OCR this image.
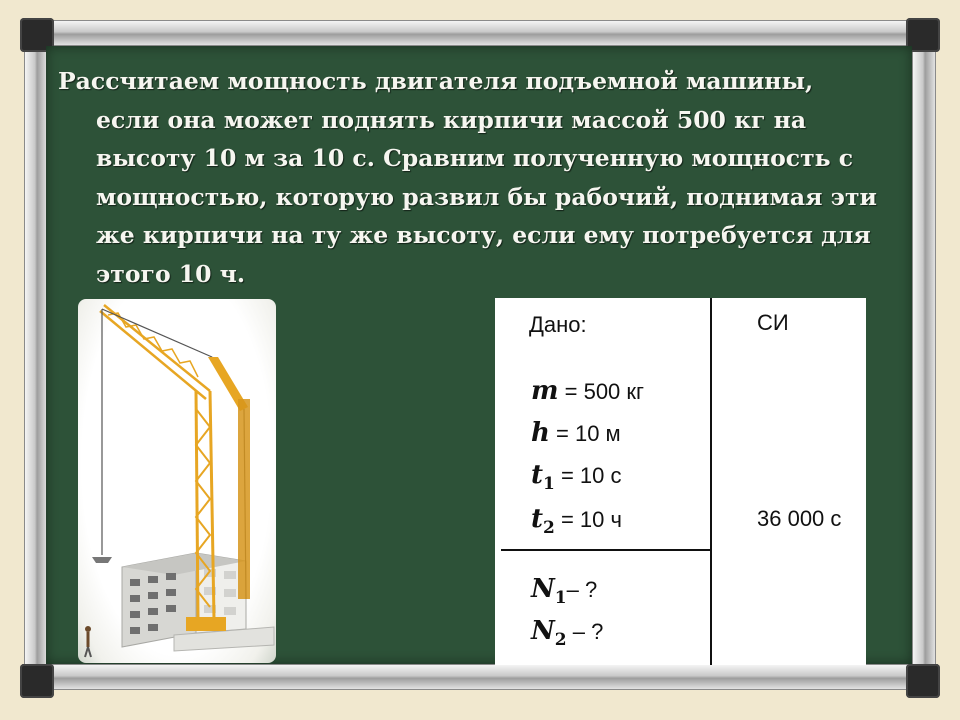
Рассчитаем мощность двигателя подъемной машины,
если она может поднять кирпичи массой 500 кг на
высоту 10 м за 10 с. Сравним полученную мощность с
мощностью, которую развил бы рабочий, поднимая эти
же кирпичи на ту же высоту, если ему потребуется для
этого 10 ч.

Дано:	СИ
m = 500 кг
h = 10 м
$t_1 = 10$ с
$t_2 = 10$ ч	36 000 с
$N_1-$ ?
$N_2$ – ?
